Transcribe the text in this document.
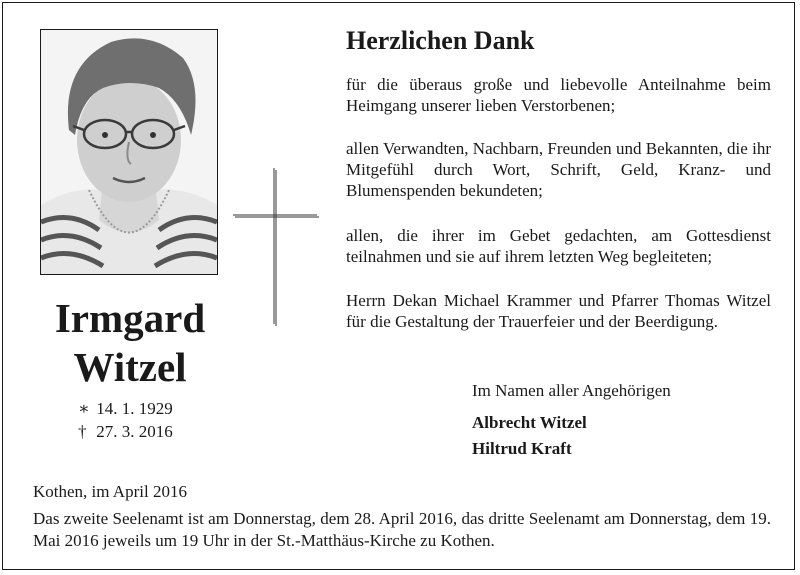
Irmgard
Witzel
∗ 14. 1. 1929
† 27. 3. 2016
Herzlichen Dank
für die überaus große und liebevolle Anteilnahme beim Heimgang unserer lieben Verstorbenen;
allen Verwandten, Nachbarn, Freunden und Bekannten, die ihr Mitgefühl durch Wort, Schrift, Geld, Kranz- und Blumenspenden bekundeten;
allen, die ihrer im Gebet gedachten, am Gottesdienst teilnahmen und sie auf ihrem letzten Weg begleiteten;
Herrn Dekan Michael Krammer und Pfarrer Thomas Witzel für die Gestaltung der Trauerfeier und der Beerdigung.
Im Namen aller Angehörigen
Albrecht Witzel
Hiltrud Kraft
Kothen, im April 2016
Das zweite Seelenamt ist am Donnerstag, dem 28. April 2016, das dritte Seelenamt am Donnerstag, dem 19. Mai 2016 jeweils um 19 Uhr in der St.-Matthäus-Kirche zu Kothen.
